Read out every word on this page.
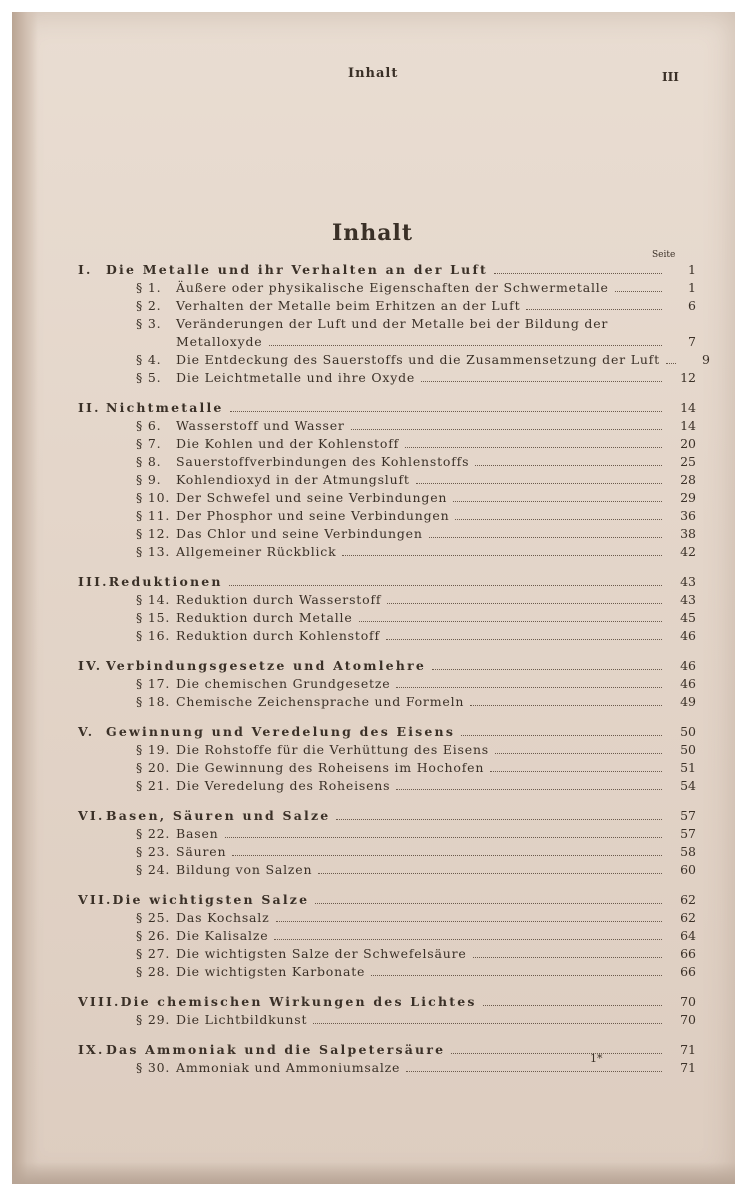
Inhalt	III
Inhalt
Seite
I.	Die Metalle und ihr Verhalten an der Luft	1
§ 1.	Äußere oder physikalische Eigenschaften der Schwermetalle	1
§ 2.	Verhalten der Metalle beim Erhitzen an der Luft	6
§ 3.	Veränderungen der Luft und der Metalle bei der Bildung der
Metalloxyde	7
§ 4.	Die Entdeckung des Sauerstoffs und die Zusammensetzung der Luft	9
§ 5.	Die Leichtmetalle und ihre Oxyde	12
II. Nichtmetalle	14
§ 6.	Wasserstoff und Wasser	14
§ 7.	Die Kohlen und der Kohlenstoff	20
§ 8.	Sauerstoffverbindungen des Kohlenstoffs	25
§ 9.	Kohlendioxyd in der Atmungsluft	28
§ 10. Der Schwefel und seine Verbindungen	29
§ 11. Der Phosphor und seine Verbindungen	36
§ 12. Das Chlor und seine Verbindungen	38
§ 13. Allgemeiner Rückblick	42
III. Reduktionen	43
§ 14. Reduktion durch Wasserstoff	43
§ 15. Reduktion durch Metalle	45
§ 16. Reduktion durch Kohlenstoff	46
IV. Verbindungsgesetze und Atomlehre	46
§ 17. Die chemischen Grundgesetze	46
§ 18. Chemische Zeichensprache und Formeln	49
V. Gewinnung und Veredelung des Eisens	50
§ 19. Die Rohstoffe für die Verhüttung des Eisens	50
§ 20. Die Gewinnung des Roheisens im Hochofen	51
§ 21. Die Veredelung des Roheisens	54
VI. Basen, Säuren und Salze	57
§ 22. Basen	57
§ 23. Säuren	58
§ 24. Bildung von Salzen	60
VII. Die wichtigsten Salze	62
§ 25. Das Kochsalz	62
§ 26. Die Kalisalze	64
§ 27. Die wichtigsten Salze der Schwefelsäure	66
§ 28. Die wichtigsten Karbonate	66
VIII. Die chemischen Wirkungen des Lichtes	70
§ 29. Die Lichtbildkunst	70
IX. Das Ammoniak und die Salpetersäure	71
§ 30. Ammoniak und Ammoniumsalze	71
1*
